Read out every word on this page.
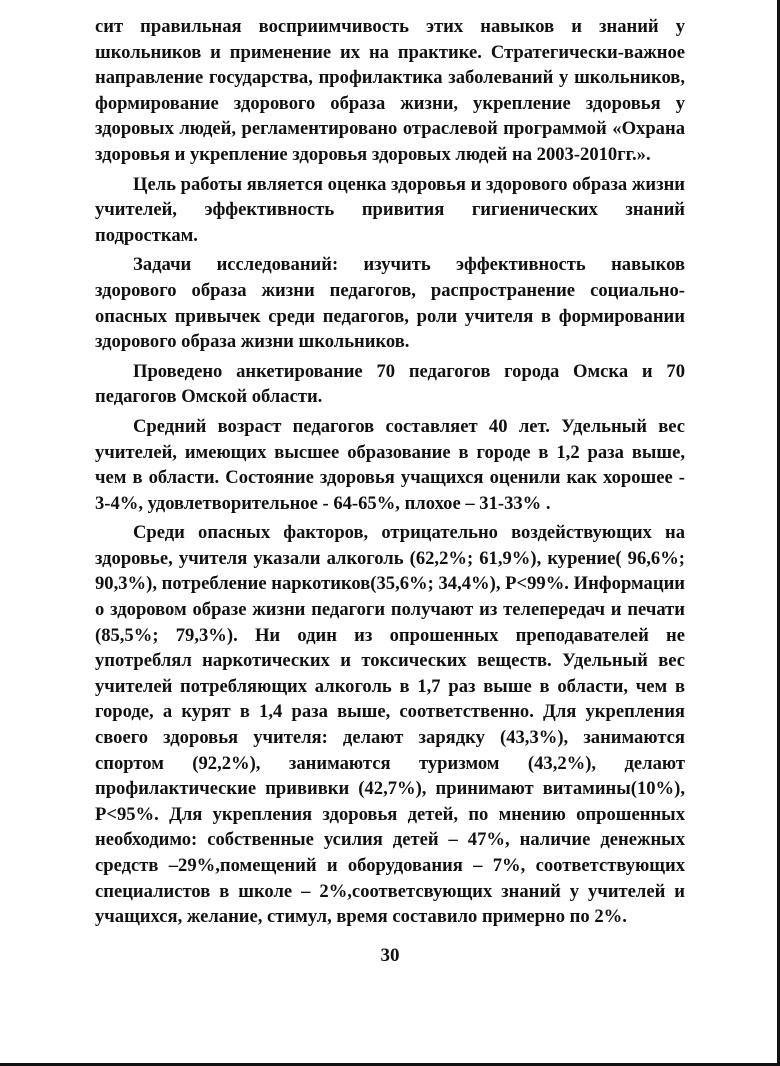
сит правильная восприимчивость этих навыков и знаний у школьников и применение их на практике. Стратегически-важное направление государства, профилактика заболеваний у школьников, формирование здорового образа жизни, укрепление здоровья у здоровых людей, регламентировано отраслевой программой «Охрана здоровья и укрепление здоровья здоровых людей на 2003-2010гг.».

Цель работы является оценка здоровья и здорового образа жизни учителей, эффективность привития гигиенических знаний подросткам.

Задачи исследований: изучить эффективность навыков здорового образа жизни педагогов, распространение социально-опасных привычек среди педагогов, роли учителя в формировании здорового образа жизни школьников.

Проведено анкетирование 70 педагогов города Омска и 70 педагогов Омской области.

Средний возраст педагогов составляет 40 лет. Удельный вес учителей, имеющих высшее образование в городе в 1,2 раза выше, чем в области. Состояние здоровья учащихся оценили как хорошее - 3-4%, удовлетворительное - 64-65%, плохое – 31-33% .

Среди опасных факторов, отрицательно воздействующих на здоровье, учителя указали алкоголь (62,2%; 61,9%), курение( 96,6%; 90,3%), потребление наркотиков(35,6%; 34,4%), Р<99%. Информации о здоровом образе жизни педагоги получают из телепередач и печати (85,5%; 79,3%). Ни один из опрошенных преподавателей не употреблял наркотических и токсических веществ. Удельный вес учителей потребляющих алкоголь в 1,7 раз выше в области, чем в городе, а курят в 1,4 раза выше, соответственно. Для укрепления своего здоровья учителя: делают зарядку (43,3%), занимаются спортом (92,2%), занимаются туризмом (43,2%), делают профилактические прививки (42,7%), принимают витамины(10%), Р<95%. Для укрепления здоровья детей, по мнению опрошенных необходимо: собственные усилия детей – 47%, наличие денежных средств –29%,помещений и оборудования – 7%, соответствующих специалистов в школе – 2%,соответсвующих знаний у учителей и учащихся, желание, стимул, время составило примерно по 2%.

30
